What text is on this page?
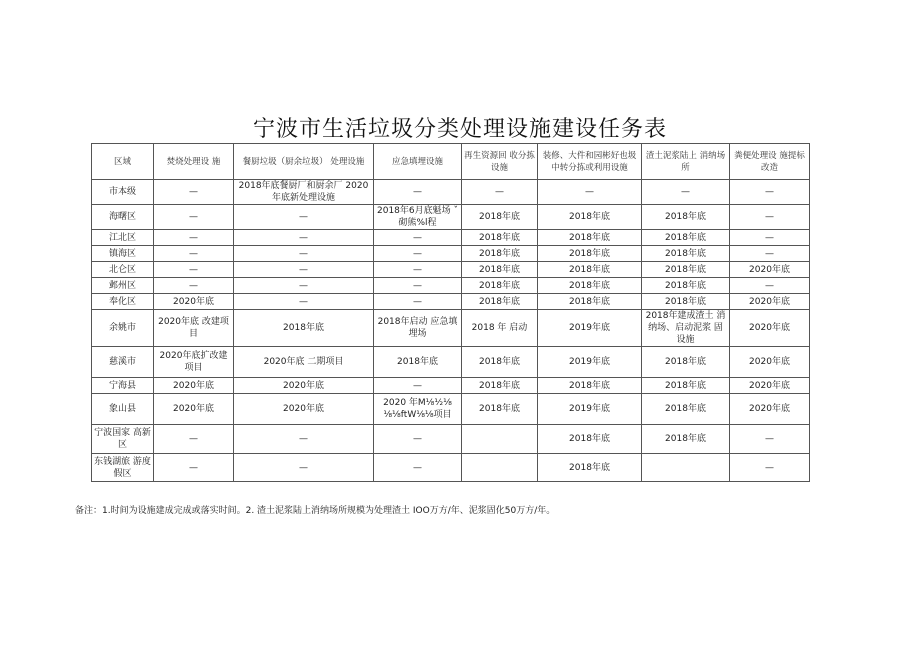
宁波市生活垃圾分类处理设施建设任务表
区域	焚烧处理设 施	餐厨垃圾（厨余垃圾） 处理设施	应急填埋设施	再生资源回 收分拣设施	装修、大件和园彬好也圾中转分拣或利用设施	渣土泥浆陆上 消纳场所	粪便处理设 施提标改造
市本级	—	2018年底餐厨厂和厨余厂 2020年底新处理设施	—	—	—	—	—
海曙区	—	—	2018年6月底魁场 ˇ砌熊%l程	2018年底	2018年底	2018年底	—
江北区	—	—	—	2018年底	2018年底	2018年底	—
镇海区	—	—	—	2018年底	2018年底	2018年底	—
北仑区	—	—	—	2018年底	2018年底	2018年底	2020年底
邺州区	—	—	—	2018年底	2018年底	2018年底	—
奉化区	2020年底	—	—	2018年底	2018年底	2018年底	2020年底
余姚市	2020年底 改建项目	2018年底	2018年启动 应急填埋场	2018 年 启动	2019年底	2018年建成渣土 消纳场、启动泥浆 固设施	2020年底
慈溪市	2020年底扩改建项目	2020年底 二期项目	2018年底	2018年底	2019年底	2018年底	2020年底
宁海县	2020年底	2020年底	—	2018年底	2018年底	2018年底	2020年底
象山县	2020年底	2020年底	2020 年M⅛½⅛ ⅛⅛ftW⅛⅛项目	2018年底	2019年底	2018年底	2020年底
宁波国家 高新区	—	—	—		2018年底	2018年底	—
东钱湖旅 游度假区	—	—	—		2018年底		—
备注：1.时间为设施建成完成或落实时间。2. 渣土泥浆陆上消纳场所规模为处理渣土 IOO万方/年、泥浆固化50万方/年。
